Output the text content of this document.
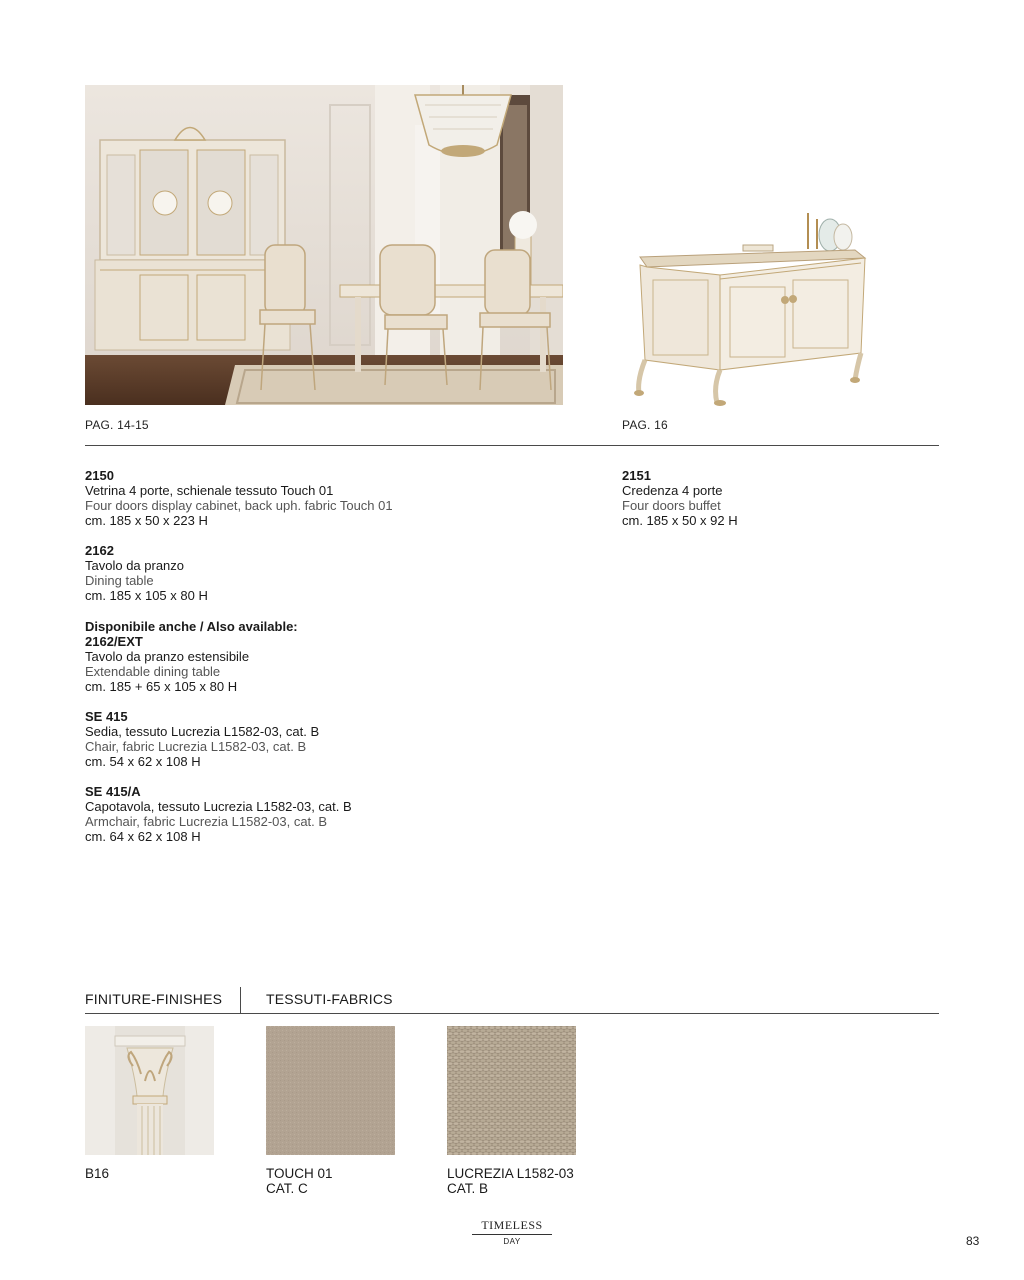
PAG. 14-15	PAG. 16
2150
Vetrina 4 porte, schienale tessuto Touch 01
Four doors display cabinet, back uph. fabric Touch 01
cm. 185 x 50 x 223 H
2162
Tavolo da pranzo
Dining table
cm. 185 x 105 x 80 H
Disponibile anche / Also available:
2162/EXT
Tavolo da pranzo estensibile
Extendable dining table
cm. 185 + 65 x 105 x 80 H
SE 415
Sedia, tessuto Lucrezia L1582-03, cat. B
Chair, fabric Lucrezia L1582-03, cat. B
cm. 54 x 62 x 108 H
SE 415/A
Capotavola, tessuto Lucrezia L1582-03, cat. B
Armchair, fabric Lucrezia L1582-03, cat. B
cm. 64 x 62 x 108 H
2151
Credenza 4 porte
Four doors buffet
cm. 185 x 50 x 92 H
FINITURE-FINISHES	TESSUTI-FABRICS
B16	TOUCH 01
CAT. C
LUCREZIA L1582-03
CAT. B
TIMELESS
DAY	83
